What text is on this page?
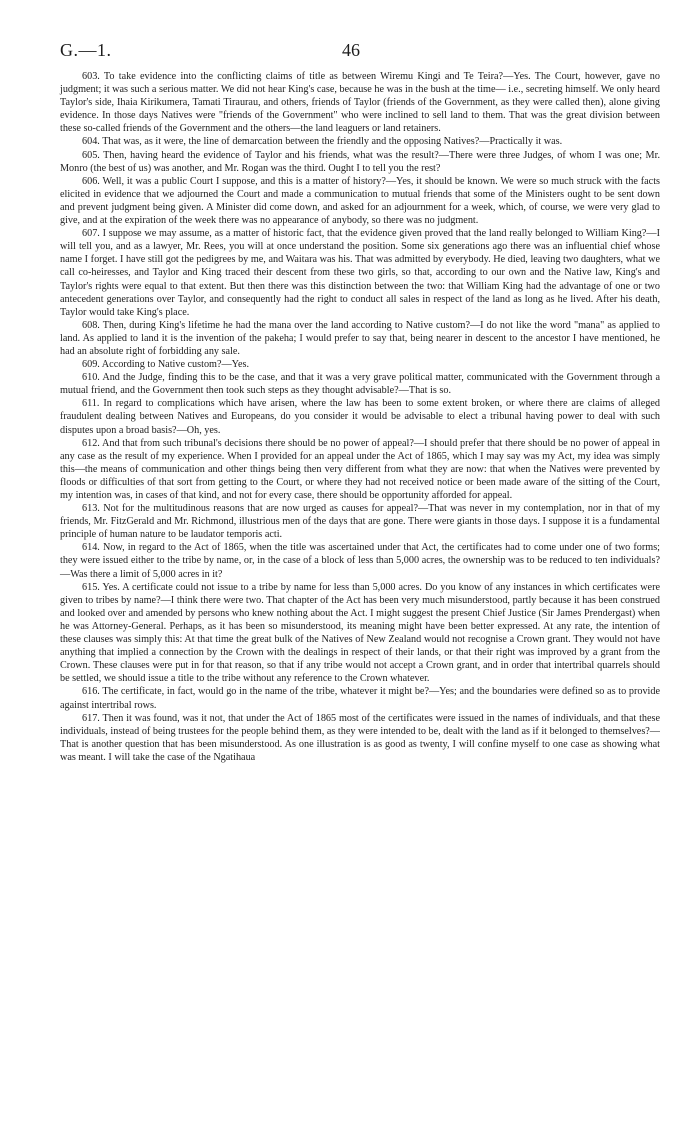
G.—1.	46

603. To take evidence into the conflicting claims of title as between Wiremu Kingi and Te Teira?—Yes. The Court, however, gave no judgment; it was such a serious matter. We did not hear King's case, because he was in the bush at the time— i.e., secreting himself. We only heard Taylor's side, Ihaia Kirikumera, Tamati Tiraurau, and others, friends of Taylor (friends of the Government, as they were called then), alone giving evidence. In those days Natives were "friends of the Government" who were inclined to sell land to them. That was the great division between these so-called friends of the Government and the others—the land leaguers or land retainers.

604. That was, as it were, the line of demarcation between the friendly and the opposing Natives?—Practically it was.

605. Then, having heard the evidence of Taylor and his friends, what was the result?—There were three Judges, of whom I was one; Mr. Monro (the best of us) was another, and Mr. Rogan was the third. Ought I to tell you the rest?

606. Well, it was a public Court I suppose, and this is a matter of history?—Yes, it should be known. We were so much struck with the facts elicited in evidence that we adjourned the Court and made a communication to mutual friends that some of the Ministers ought to be sent down and prevent judgment being given. A Minister did come down, and asked for an adjournment for a week, which, of course, we were very glad to give, and at the expiration of the week there was no appearance of anybody, so there was no judgment.

607. I suppose we may assume, as a matter of historic fact, that the evidence given proved that the land really belonged to William King?—I will tell you, and as a lawyer, Mr. Rees, you will at once understand the position. Some six generations ago there was an influential chief whose name I forget. I have still got the pedigrees by me, and Waitara was his. That was admitted by everybody. He died, leaving two daughters, what we call co-heiresses, and Taylor and King traced their descent from these two girls, so that, according to our own and the Native law, King's and Taylor's rights were equal to that extent. But then there was this distinction between the two: that William King had the advantage of one or two antecedent generations over Taylor, and consequently had the right to conduct all sales in respect of the land as long as he lived. After his death, Taylor would take King's place.

608. Then, during King's lifetime he had the mana over the land according to Native custom?—I do not like the word "mana" as applied to land. As applied to land it is the invention of the pakeha; I would prefer to say that, being nearer in descent to the ancestor I have mentioned, he had an absolute right of forbidding any sale.

609. According to Native custom?—Yes.

610. And the Judge, finding this to be the case, and that it was a very grave political matter, communicated with the Government through a mutual friend, and the Government then took such steps as they thought advisable?—That is so.

611. In regard to complications which have arisen, where the law has been to some extent broken, or where there are claims of alleged fraudulent dealing between Natives and Europeans, do you consider it would be advisable to elect a tribunal having power to deal with such disputes upon a broad basis?—Oh, yes.

612. And that from such tribunal's decisions there should be no power of appeal?—I should prefer that there should be no power of appeal in any case as the result of my experience. When I provided for an appeal under the Act of 1865, which I may say was my Act, my idea was simply this—the means of communication and other things being then very different from what they are now: that when the Natives were prevented by floods or difficulties of that sort from getting to the Court, or where they had not received notice or been made aware of the sitting of the Court, my intention was, in cases of that kind, and not for every case, there should be opportunity afforded for appeal.

613. Not for the multitudinous reasons that are now urged as causes for appeal?—That was never in my contemplation, nor in that of my friends, Mr. FitzGerald and Mr. Richmond, illustrious men of the days that are gone. There were giants in those days. I suppose it is a fundamental principle of human nature to be laudator temporis acti.

614. Now, in regard to the Act of 1865, when the title was ascertained under that Act, the certificates had to come under one of two forms; they were issued either to the tribe by name, or, in the case of a block of less than 5,000 acres, the ownership was to be reduced to ten individuals?—Was there a limit of 5,000 acres in it?

615. Yes. A certificate could not issue to a tribe by name for less than 5,000 acres. Do you know of any instances in which certificates were given to tribes by name?—I think there were two. That chapter of the Act has been very much misunderstood, partly because it has been construed and looked over and amended by persons who knew nothing about the Act. I might suggest the present Chief Justice (Sir James Prendergast) when he was Attorney-General. Perhaps, as it has been so misunderstood, its meaning might have been better expressed. At any rate, the intention of these clauses was simply this: At that time the great bulk of the Natives of New Zealand would not recognise a Crown grant. They would not have anything that implied a connection by the Crown with the dealings in respect of their lands, or that their right was improved by a grant from the Crown. These clauses were put in for that reason, so that if any tribe would not accept a Crown grant, and in order that intertribal quarrels should be settled, we should issue a title to the tribe without any reference to the Crown whatever.

616. The certificate, in fact, would go in the name of the tribe, whatever it might be?—Yes; and the boundaries were defined so as to provide against intertribal rows.

617. Then it was found, was it not, that under the Act of 1865 most of the certificates were issued in the names of individuals, and that these individuals, instead of being trustees for the people behind them, as they were intended to be, dealt with the land as if it belonged to themselves?—That is another question that has been misunderstood. As one illustration is as good as twenty, I will confine myself to one case as showing what was meant. I will take the case of the Ngatihaua
